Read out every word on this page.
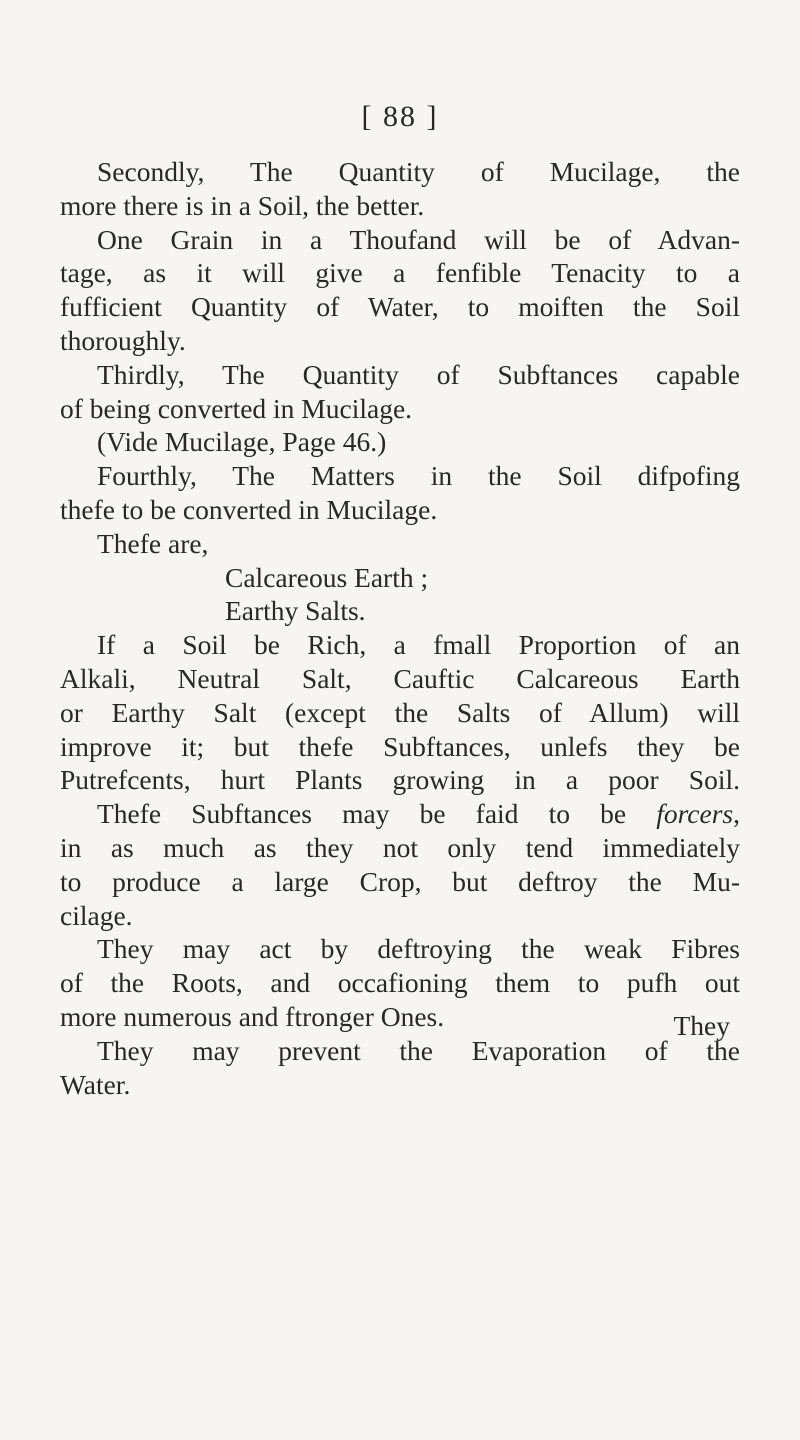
[ 88 ]
Secondly, The Quantity of Mucilage, the
more there is in a Soil, the better.
One Grain in a Thoufand will be of Advan-
tage, as it will give a fenfible Tenacity to a
fufficient Quantity of Water, to moiften the Soil
thoroughly.
Thirdly, The Quantity of Subftances capable
of being converted in Mucilage.
(Vide Mucilage, Page 46.)
Fourthly, The Matters in the Soil difpofing
thefe to be converted in Mucilage.
Thefe are,
Calcareous Earth ;
Earthy Salts.
If a Soil be Rich, a fmall Proportion of an
Alkali, Neutral Salt, Cauftic Calcareous Earth
or Earthy Salt (except the Salts of Allum) will
improve it; but thefe Subftances, unlefs they be
Putrefcents, hurt Plants growing in a poor Soil.
Thefe Subftances may be faid to be forcers,
in as much as they not only tend immediately
to produce a large Crop, but deftroy the Mu-
cilage.
They may act by deftroying the weak Fibres
of the Roots, and occafioning them to pufh out
more numerous and ftronger Ones.
They may prevent the Evaporation of the
Water.
They
